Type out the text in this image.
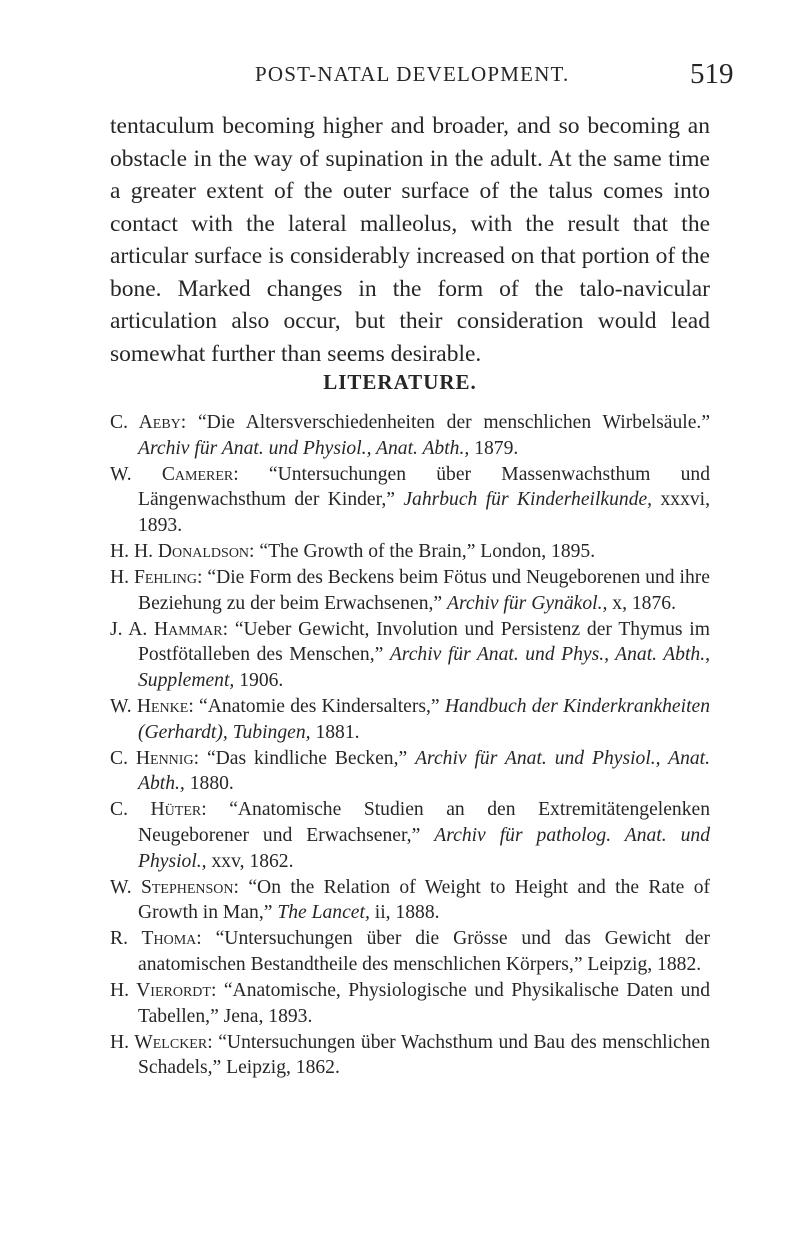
POST-NATAL DEVELOPMENT.	519

tentaculum becoming higher and broader, and so becoming an obstacle in the way of supination in the adult. At the same time a greater extent of the outer surface of the talus comes into contact with the lateral malleolus, with the result that the articular surface is considerably increased on that portion of the bone. Marked changes in the form of the talo-navicular articulation also occur, but their consideration would lead somewhat further than seems desirable.

LITERATURE.
C. Aeby: “Die Altersverschiedenheiten der menschlichen Wirbelsäule.” Archiv für Anat. und Physiol., Anat. Abth., 1879.
W. Camerer: “Untersuchungen über Massenwachsthum und Längenwachsthum der Kinder,” Jahrbuch für Kinderheilkunde, xxxvi, 1893.
H. H. Donaldson: “The Growth of the Brain,” London, 1895.
H. Fehling: “Die Form des Beckens beim Fötus und Neugeborenen und ihre Beziehung zu der beim Erwachsenen,” Archiv für Gynäkol., x, 1876.
J. A. Hammar: “Ueber Gewicht, Involution und Persistenz der Thymus im Postfötalleben des Menschen,” Archiv für Anat. und Phys., Anat. Abth., Supplement, 1906.
W. Henke: “Anatomie des Kindersalters,” Handbuch der Kinderkrankheiten (Gerhardt), Tubingen, 1881.
C. Hennig: “Das kindliche Becken,” Archiv für Anat. und Physiol., Anat. Abth., 1880.
C. Hüter: “Anatomische Studien an den Extremitätengelenken Neugeborener und Erwachsener,” Archiv für patholog. Anat. und Physiol., xxv, 1862.
W. Stephenson: “On the Relation of Weight to Height and the Rate of Growth in Man,” The Lancet, ii, 1888.
R. Thoma: “Untersuchungen über die Grösse und das Gewicht der anatomischen Bestandtheile des menschlichen Körpers,” Leipzig, 1882.
H. Vierordt: “Anatomische, Physiologische und Physikalische Daten und Tabellen,” Jena, 1893.
H. Welcker: “Untersuchungen über Wachsthum und Bau des menschlichen Schadels,” Leipzig, 1862.
